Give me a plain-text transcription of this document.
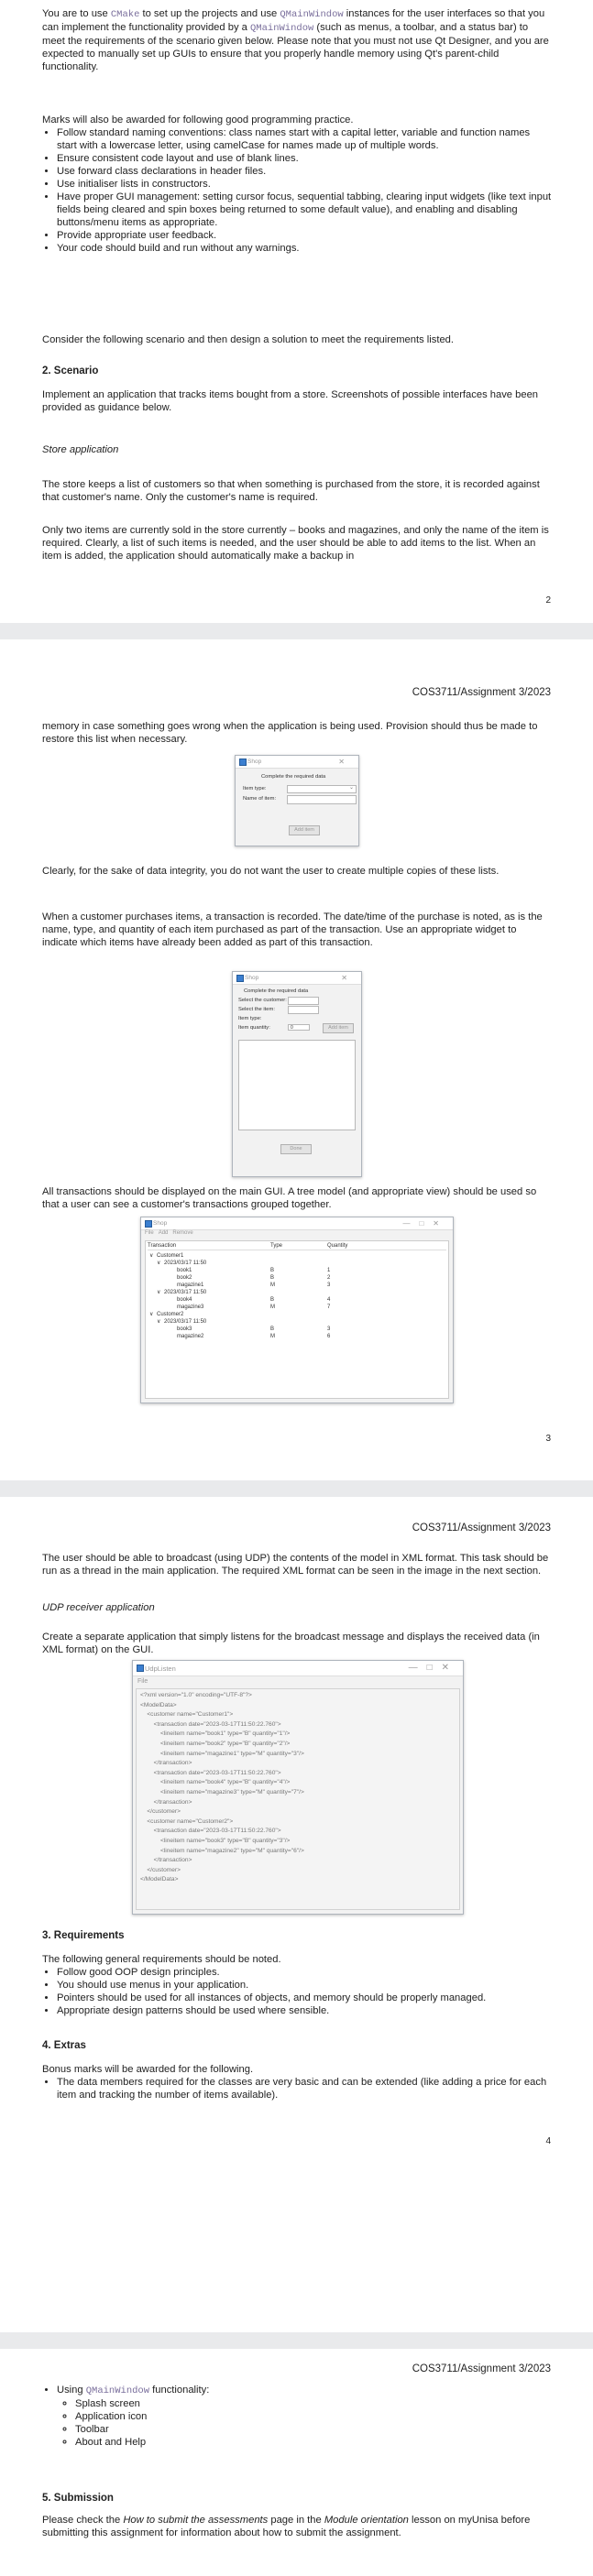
You are to use CMake to set up the projects and use QMainWindow instances for the user interfaces so that you can implement the functionality provided by a QMainWindow (such as menus, a toolbar, and a status bar) to meet the requirements of the scenario given below. Please note that you must not use Qt Designer, and you are expected to manually set up GUIs to ensure that you properly handle memory using Qt's parent-child functionality.

Marks will also be awarded for following good programming practice.

• Follow standard naming conventions: class names start with a capital letter, variable and function names start with a lowercase letter, using camelCase for names made up of multiple words.
• Ensure consistent code layout and use of blank lines.
• Use forward class declarations in header files.
• Use initialiser lists in constructors.
• Have proper GUI management: setting cursor focus, sequential tabbing, clearing input widgets (like text input fields being cleared and spin boxes being returned to some default value), and enabling and disabling buttons/menu items as appropriate.
• Provide appropriate user feedback.
• Your code should build and run without any warnings.

Consider the following scenario and then design a solution to meet the requirements listed.

2. Scenario

Implement an application that tracks items bought from a store. Screenshots of possible interfaces have been provided as guidance below.

Store application

The store keeps a list of customers so that when something is purchased from the store, it is recorded against that customer's name. Only the customer's name is required.

Only two items are currently sold in the store currently – books and magazines, and only the name of the item is required. Clearly, a list of such items is needed, and the user should be able to add items to the list. When an item is added, the application should automatically make a backup in

2
COS3711/Assignment 3/2023

memory in case something goes wrong when the application is being used. Provision should thus be made to restore this list when necessary.

Shop	✕
Complete the required data
Item type:	⌄
Name of item:
Add item

Clearly, for the sake of data integrity, you do not want the user to create multiple copies of these lists.

When a customer purchases items, a transaction is recorded. The date/time of the purchase is noted, as is the name, type, and quantity of each item purchased as part of the transaction. Use an appropriate widget to indicate which items have already been added as part of this transaction.

Shop	✕
Complete the required data
Select the customer:
Select the item:
Item type:
Item quantity:	0	Add item
Done

All transactions should be displayed on the main GUI. A tree model (and appropriate view) should be used so that a user can see a customer's transactions grouped together.

Shop	—□✕
File Add Remove
Transaction	Type	Quantity
∨ Customer1
∨ 2023/03/17 11:50
book1	B	1
book2	B	2
magazine1	M	3
∨ 2023/03/17 11:50
book4	B	4
magazine3	M	7
∨ Customer2
∨ 2023/03/17 11:50
book3	B	3
magazine2	M	6
3
COS3711/Assignment 3/2023

The user should be able to broadcast (using UDP) the contents of the model in XML format. This task should be run as a thread in the main application. The required XML format can be seen in the image in the next section.

UDP receiver application

Create a separate application that simply listens for the broadcast message and displays the received data (in XML format) on the GUI.

UdpListen	—□✕
File
<?xml version="1.0" encoding="UTF-8"?>
<ModelData>
<customer name="Customer1">
<transaction date="2023-03-17T11:50:22.760">
<lineitem name="book1" type="B" quantity="1"/>
<lineitem name="book2" type="B" quantity="2"/>
<lineitem name="magazine1" type="M" quantity="3"/>
</transaction>
<transaction date="2023-03-17T11:50:22.760">
<lineitem name="book4" type="B" quantity="4"/>
<lineitem name="magazine3" type="M" quantity="7"/>
</transaction>
</customer>
<customer name="Customer2">
<transaction date="2023-03-17T11:50:22.760">
<lineitem name="book3" type="B" quantity="3"/>
<lineitem name="magazine2" type="M" quantity="6"/>
</transaction>
</customer>
</ModelData>
3. Requirements

The following general requirements should be noted.

• Follow good OOP design principles.
• You should use menus in your application.
• Pointers should be used for all instances of objects, and memory should be properly managed.
• Appropriate design patterns should be used where sensible.
4. Extras

Bonus marks will be awarded for the following.

• The data members required for the classes are very basic and can be extended (like adding a price for each item and tracking the number of items available).
4
COS3711/Assignment 3/2023
• Using QMainWindow functionality:
◦ Splash screen
◦ Application icon
◦ Toolbar
◦ About and Help
5. Submission

Please check the How to submit the assessments page in the Module orientation lesson on myUnisa before submitting this assignment for information about how to submit the assignment.
